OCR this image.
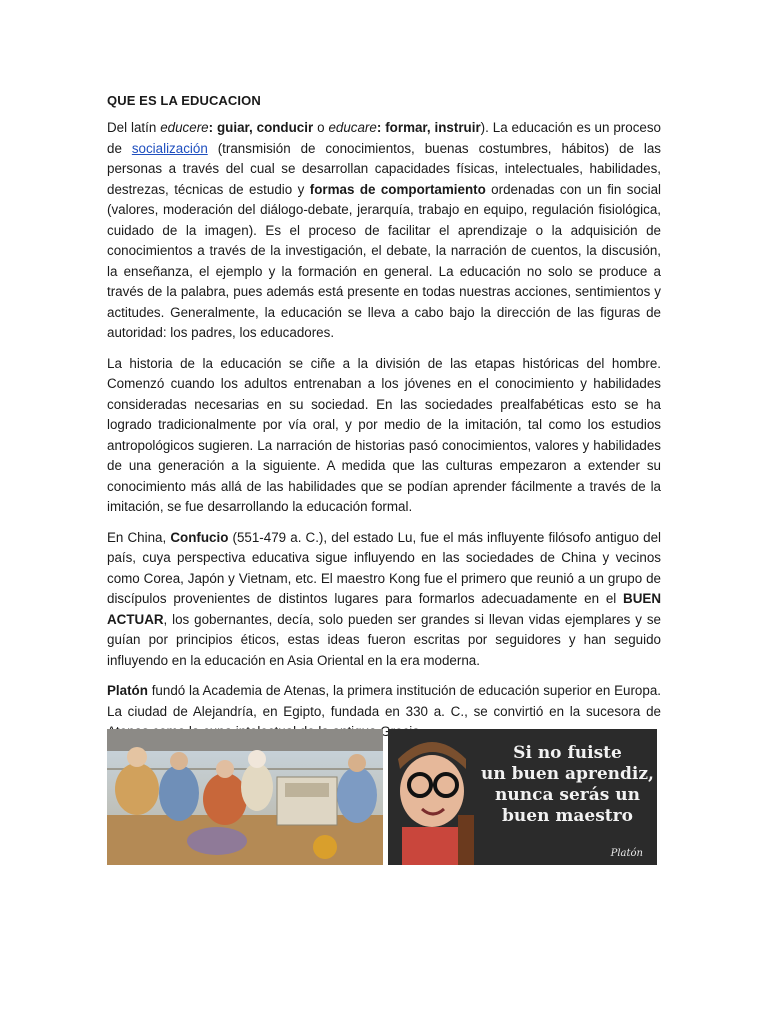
QUE ES LA EDUCACION

Del latín educere: guiar, conducir o educare: formar, instruir). La educación es un proceso de socialización (transmisión de conocimientos, buenas costumbres, hábitos) de las personas a través del cual se desarrollan capacidades físicas, intelectuales, habilidades, destrezas, técnicas de estudio y formas de comportamiento ordenadas con un fin social (valores, moderación del diálogo-debate, jerarquía, trabajo en equipo, regulación fisiológica, cuidado de la imagen). Es el proceso de facilitar el aprendizaje o la adquisición de conocimientos a través de la investigación, el debate, la narración de cuentos, la discusión, la enseñanza, el ejemplo y la formación en general. La educación no solo se produce a través de la palabra, pues además está presente en todas nuestras acciones, sentimientos y actitudes. Generalmente, la educación se lleva a cabo bajo la dirección de las figuras de autoridad: los padres, los educadores.

La historia de la educación se ciñe a la división de las etapas históricas del hombre. Comenzó cuando los adultos entrenaban a los jóvenes en el conocimiento y habilidades consideradas necesarias en su sociedad. En las sociedades prealfabéticas esto se ha logrado tradicionalmente por vía oral, y por medio de la imitación, tal como los estudios antropológicos sugieren. La narración de historias pasó conocimientos, valores y habilidades de una generación a la siguiente. A medida que las culturas empezaron a extender su conocimiento más allá de las habilidades que se podían aprender fácilmente a través de la imitación, se fue desarrollando la educación formal.

En China, Confucio (551-479 a. C.), del estado Lu, fue el más influyente filósofo antiguo del país, cuya perspectiva educativa sigue influyendo en las sociedades de China y vecinos como Corea, Japón y Vietnam, etc. El maestro Kong fue el primero que reunió a un grupo de discípulos provenientes de distintos lugares para formarlos adecuadamente en el BUEN ACTUAR, los gobernantes, decía, solo pueden ser grandes si llevan vidas ejemplares y se guían por principios éticos, estas ideas fueron escritas por seguidores y han seguido influyendo en la educación en Asia Oriental en la era moderna.

Platón fundó la Academia de Atenas, la primera institución de educación superior en Europa. La ciudad de Alejandría, en Egipto, fundada en 330 a. C., se convirtió en la sucesora de

Si no fuiste
un buen aprendiz,
nunca serás un
buen maestro
Platón
